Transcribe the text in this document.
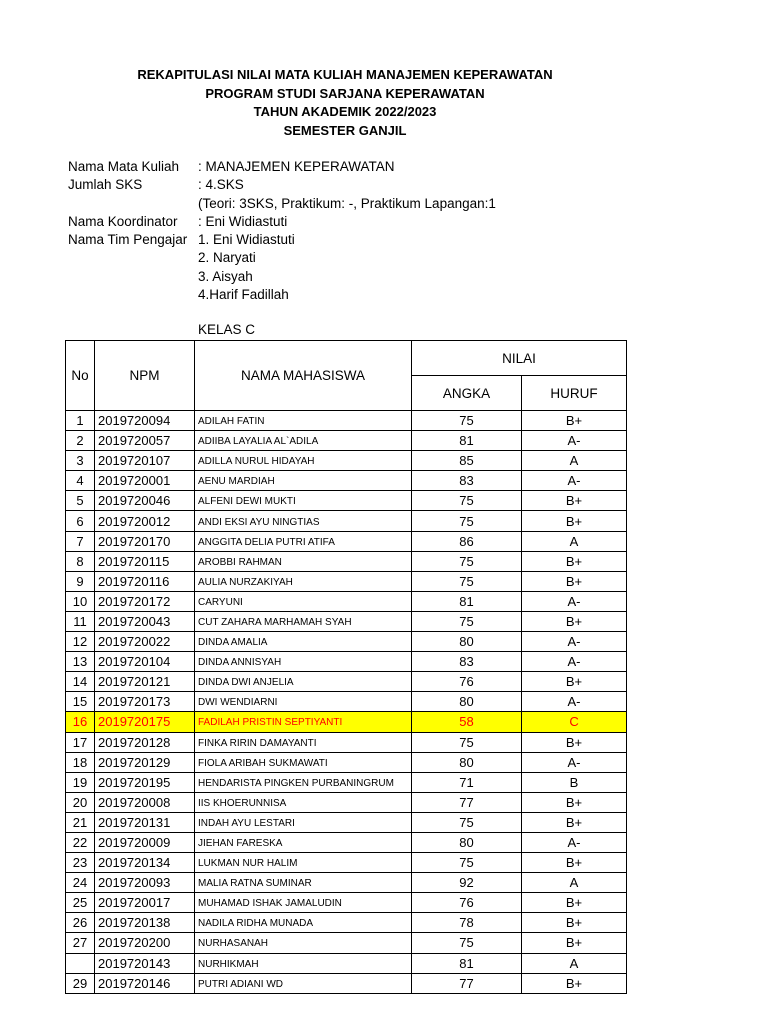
REKAPITULASI NILAI MATA KULIAH MANAJEMEN KEPERAWATAN
PROGRAM STUDI SARJANA KEPERAWATAN
TAHUN AKADEMIK 2022/2023
SEMESTER GANJIL
Nama Mata Kuliah	: MANAJEMEN KEPERAWATAN
Jumlah SKS	: 4.SKS
(Teori: 3SKS, Praktikum: -, Praktikum Lapangan:1
Nama Koordinator	: Eni Widiastuti
Nama Tim Pengajar 1. Eni Widiastuti
2. Naryati
3. Aisyah
4.Harif Fadillah
KELAS C
No	NPM	NAMA MAHASISWA	NILAI	
			ANGKA	HURUF
1	2019720094	ADILAH FATIN	75	B+
2	2019720057	ADIIBA LAYALIA AL`ADILA	81	A-
3	2019720107	ADILLA NURUL HIDAYAH	85	A
4	2019720001	AENU MARDIAH	83	A-
5	2019720046	ALFENI DEWI MUKTI	75	B+
6	2019720012	ANDI EKSI AYU NINGTIAS	75	B+
7	2019720170	ANGGITA DELIA PUTRI ATIFA	86	A
8	2019720115	AROBBI RAHMAN	75	B+
9	2019720116	AULIA NURZAKIYAH	75	B+
10	2019720172	CARYUNI	81	A-
11	2019720043	CUT ZAHARA MARHAMAH SYAH	75	B+
12	2019720022	DINDA AMALIA	80	A-
13	2019720104	DINDA ANNISYAH	83	A-
14	2019720121	DINDA DWI ANJELIA	76	B+
15	2019720173	DWI WENDIARNI	80	A-
16	2019720175	FADILAH PRISTIN SEPTIYANTI	58	C
17	2019720128	FINKA RIRIN DAMAYANTI	75	B+
18	2019720129	FIOLA ARIBAH SUKMAWATI	80	A-
19	2019720195	HENDARISTA PINGKEN PURBANINGRUM	71	B
20	2019720008	IIS KHOERUNNISA	77	B+
21	2019720131	INDAH AYU LESTARI	75	B+
22	2019720009	JIEHAN FARESKA	80	A-
23	2019720134	LUKMAN NUR HALIM	75	B+
24	2019720093	MALIA RATNA SUMINAR	92	A
25	2019720017	MUHAMAD ISHAK JAMALUDIN	76	B+
26	2019720138	NADILA RIDHA MUNADA	78	B+
27	2019720200	NURHASANAH	75	B+
	2019720143	NURHIKMAH	81	A
29	2019720146	PUTRI ADIANI WD	77	B+
